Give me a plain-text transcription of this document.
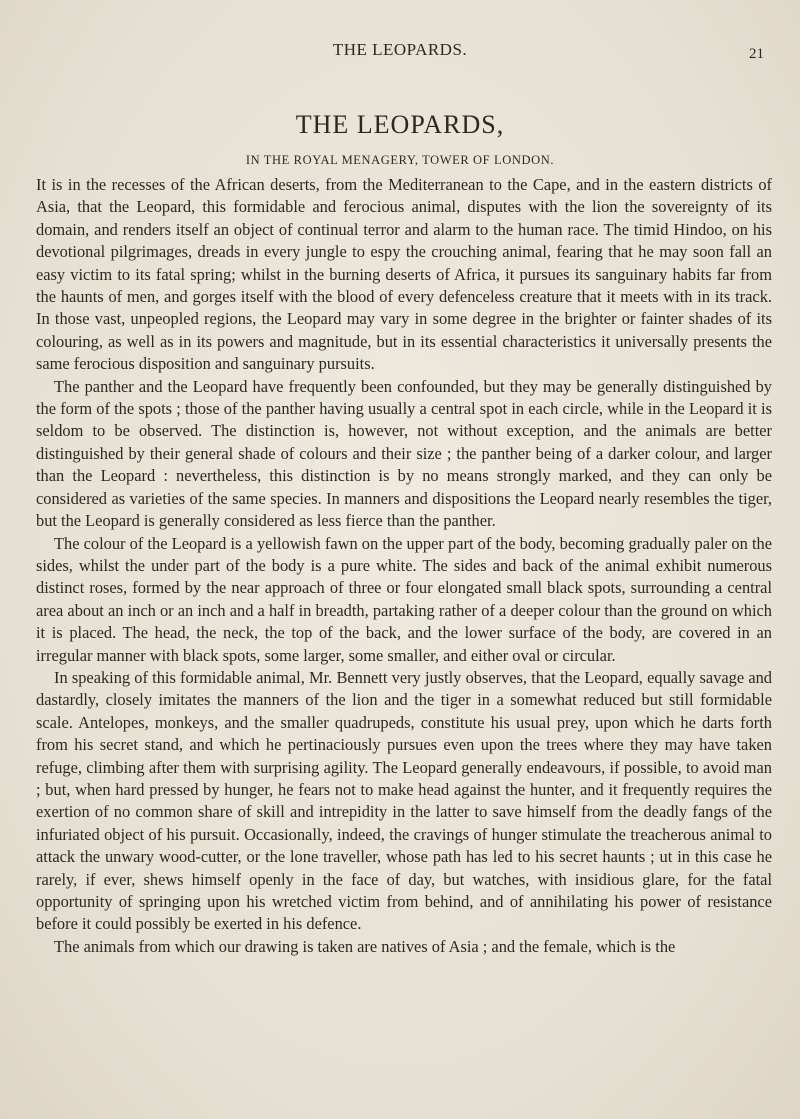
THE LEOPARDS.	21
THE LEOPARDS,
IN THE ROYAL MENAGERY, TOWER OF LONDON.

It is in the recesses of the African deserts, from the Mediterranean to the Cape, and in the eastern districts of Asia, that the Leopard, this formidable and ferocious animal, disputes with the lion the sovereignty of its domain, and renders itself an object of continual terror and alarm to the human race. The timid Hindoo, on his devotional pilgrimages, dreads in every jungle to espy the crouching animal, fearing that he may soon fall an easy victim to its fatal spring; whilst in the burning deserts of Africa, it pursues its sanguinary habits far from the haunts of men, and gorges itself with the blood of every defenceless creature that it meets with in its track. In those vast, unpeopled regions, the Leopard may vary in some degree in the brighter or fainter shades of its colouring, as well as in its powers and magnitude, but in its essential characteristics it universally presents the same ferocious disposition and sanguinary pursuits.

The panther and the Leopard have frequently been confounded, but they may be generally distinguished by the form of the spots ; those of the panther having usually a central spot in each circle, while in the Leopard it is seldom to be observed. The distinction is, however, not without exception, and the animals are better distinguished by their general shade of colours and their size ; the panther being of a darker colour, and larger than the Leopard : nevertheless, this distinction is by no means strongly marked, and they can only be considered as varieties of the same species. In manners and dispositions the Leopard nearly resembles the tiger, but the Leopard is generally considered as less fierce than the panther.

The colour of the Leopard is a yellowish fawn on the upper part of the body, becoming gradually paler on the sides, whilst the under part of the body is a pure white. The sides and back of the animal exhibit numerous distinct roses, formed by the near approach of three or four elongated small black spots, surrounding a central area about an inch or an inch and a half in breadth, partaking rather of a deeper colour than the ground on which it is placed. The head, the neck, the top of the back, and the lower surface of the body, are covered in an irregular manner with black spots, some larger, some smaller, and either oval or circular.

In speaking of this formidable animal, Mr. Bennett very justly observes, that the Leopard, equally savage and dastardly, closely imitates the manners of the lion and the tiger in a somewhat reduced but still formidable scale. Antelopes, monkeys, and the smaller quadrupeds, constitute his usual prey, upon which he darts forth from his secret stand, and which he pertinaciously pursues even upon the trees where they may have taken refuge, climbing after them with surprising agility. The Leopard generally endeavours, if possible, to avoid man ; but, when hard pressed by hunger, he fears not to make head against the hunter, and it frequently requires the exertion of no common share of skill and intrepidity in the latter to save himself from the deadly fangs of the infuriated object of his pursuit. Occasionally, indeed, the cravings of hunger stimulate the treacherous animal to attack the unwary wood-cutter, or the lone traveller, whose path has led to his secret haunts ; ut in this case he rarely, if ever, shews himself openly in the face of day, but watches, with insidious glare, for the fatal opportunity of springing upon his wretched victim from behind, and of annihilating his power of resistance before it could possibly be exerted in his defence.

The animals from which our drawing is taken are natives of Asia ; and the female, which is the
